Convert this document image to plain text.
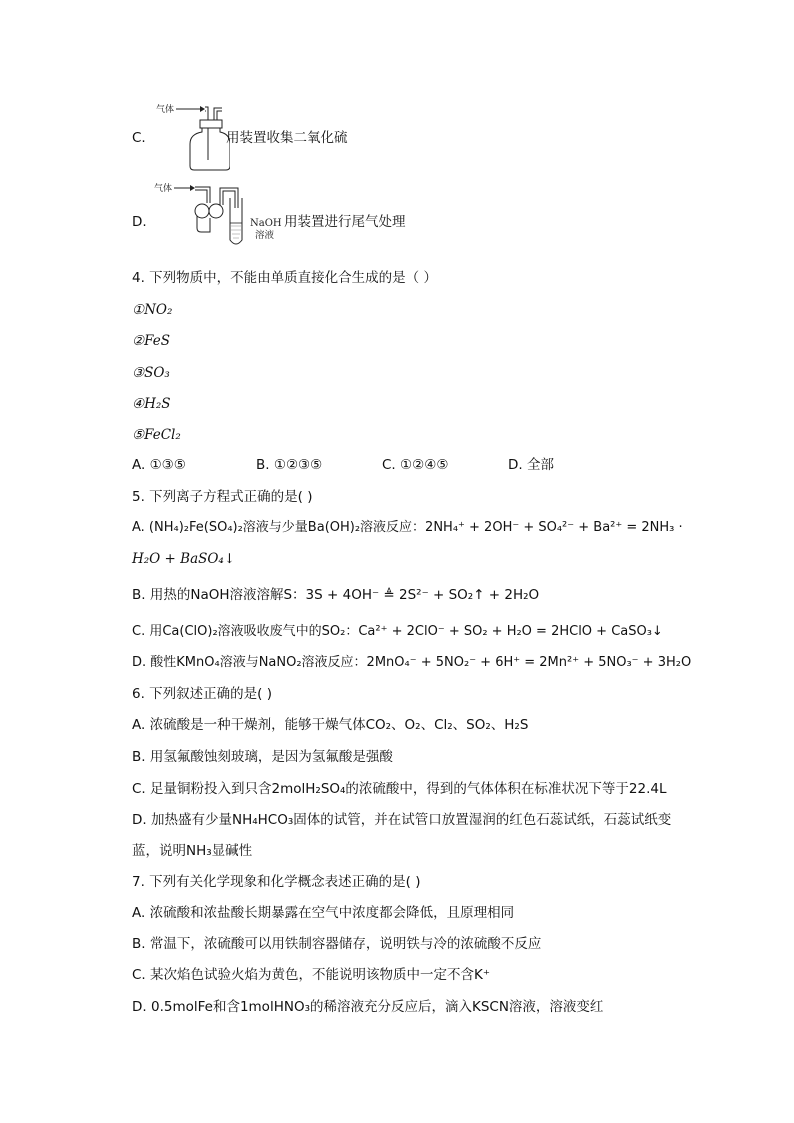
C.
气体
用装置收集二氧化硫
D.
气体
NaOH
溶液
用装置进行尾气处理
4. 下列物质中，不能由单质直接化合生成的是（ ）
①NO₂
②FeS
③SO₃
④H₂S
⑤FeCl₂
A. ①③⑤	B. ①②③⑤	C. ①②④⑤	D. 全部
5. 下列离子方程式正确的是( )
A. (NH₄)₂Fe(SO₄)₂溶液与少量Ba(OH)₂溶液反应：2NH₄⁺ + 2OH⁻ + SO₄²⁻ + Ba²⁺ = 2NH₃ ·
H₂O + BaSO₄↓
B. 用热的NaOH溶液溶解S：3S + 4OH⁻ ≜ 2S²⁻ + SO₂↑ + 2H₂O
C. 用Ca(ClO)₂溶液吸收废气中的SO₂：Ca²⁺ + 2ClO⁻ + SO₂ + H₂O = 2HClO + CaSO₃↓
D. 酸性KMnO₄溶液与NaNO₂溶液反应：2MnO₄⁻ + 5NO₂⁻ + 6H⁺ = 2Mn²⁺ + 5NO₃⁻ + 3H₂O
6. 下列叙述正确的是( )
A. 浓硫酸是一种干燥剂，能够干燥气体CO₂、O₂、Cl₂、SO₂、H₂S
B. 用氢氟酸蚀刻玻璃，是因为氢氟酸是强酸
C. 足量铜粉投入到只含2molH₂SO₄的浓硫酸中，得到的气体体积在标准状况下等于22.4L
D. 加热盛有少量NH₄HCO₃固体的试管，并在试管口放置湿润的红色石蕊试纸，石蕊试纸变
蓝，说明NH₃显碱性
7. 下列有关化学现象和化学概念表述正确的是( )
A. 浓硫酸和浓盐酸长期暴露在空气中浓度都会降低，且原理相同
B. 常温下，浓硫酸可以用铁制容器储存，说明铁与冷的浓硫酸不反应
C. 某次焰色试验火焰为黄色，不能说明该物质中一定不含K⁺
D. 0.5molFe和含1molHNO₃的稀溶液充分反应后，滴入KSCN溶液，溶液变红
